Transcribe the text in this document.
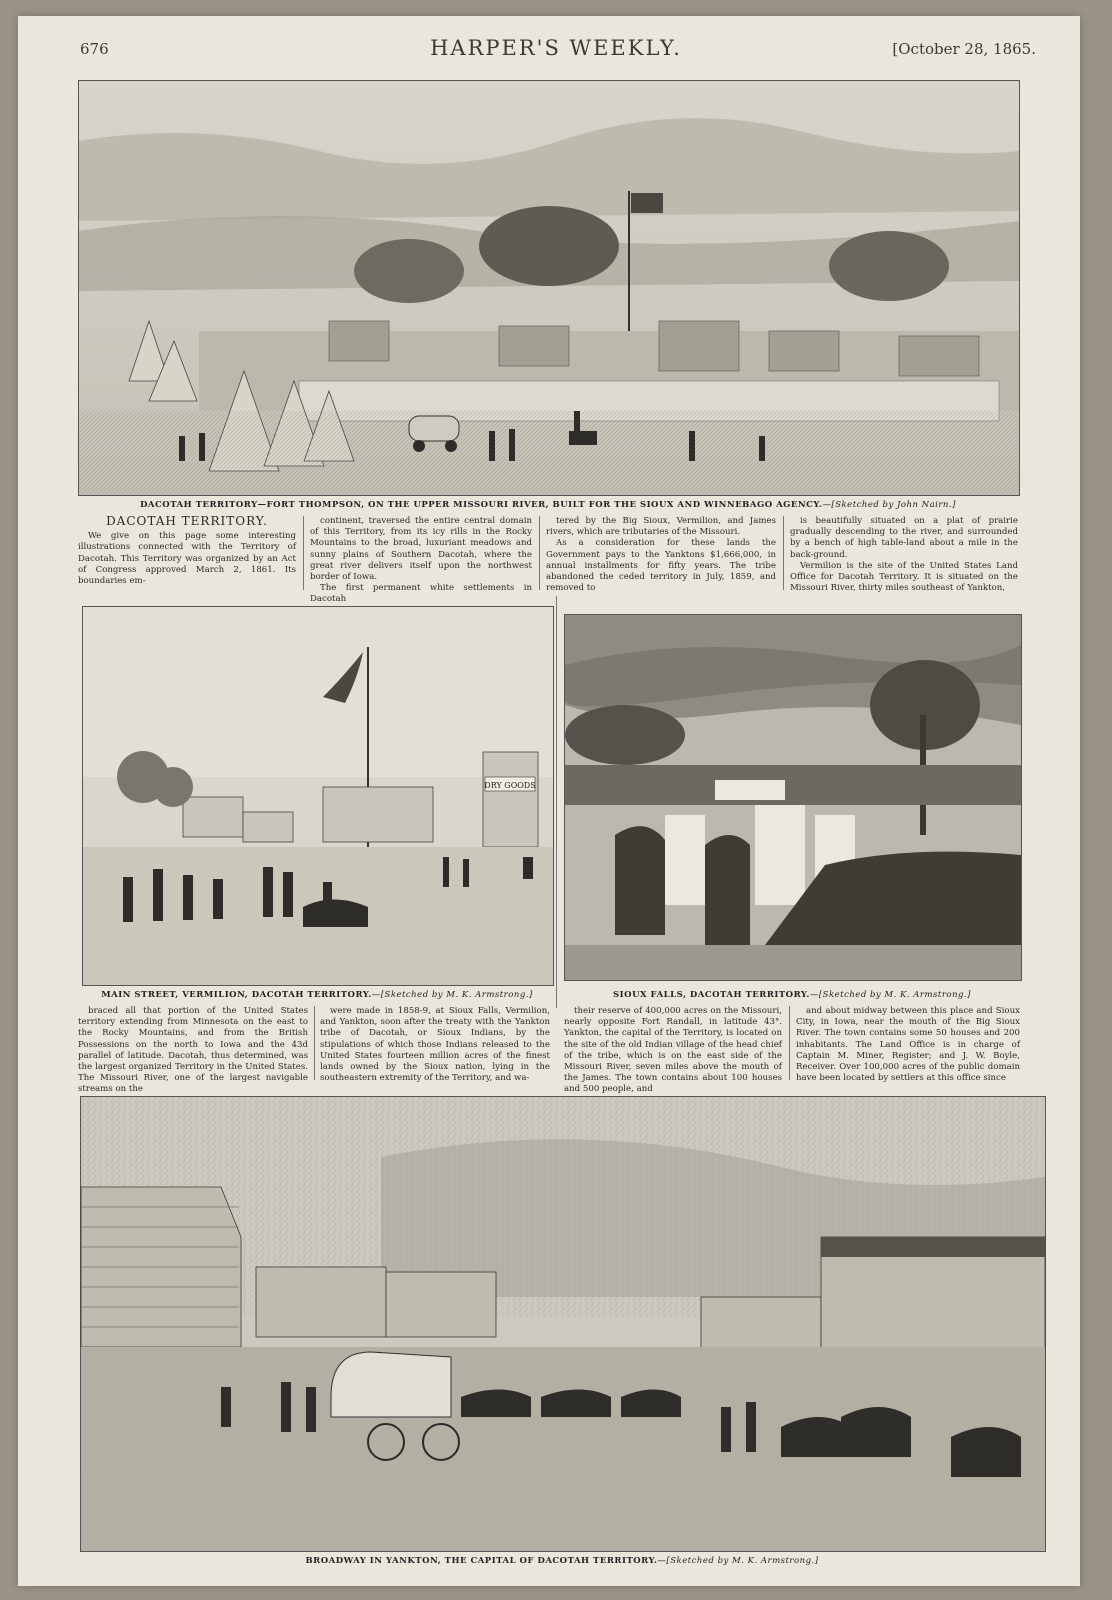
676	HARPER'S WEEKLY.	[October 28, 1865.
DACOTAH TERRITORY—FORT THOMPSON, ON THE UPPER MISSOURI RIVER, BUILT FOR THE SIOUX AND WINNEBAGO AGENCY.—[Sketched by John Nairn.]
DACOTAH TERRITORY.

We give on this page some interesting illustrations connected with the Territory of Dacotah. This Territory was organized by an Act of Congress approved March 2, 1861. Its boundaries em-

continent, traversed the entire central domain of this Territory, from its icy rills in the Rocky Mountains to the broad, luxuriant meadows and sunny plains of Southern Dacotah, where the great river delivers itself upon the northwest border of Iowa.

The first permanent white settlements in Dacotah

tered by the Big Sioux, Vermilion, and James rivers, which are tributaries of the Missouri.

As a consideration for these lands the Government pays to the Yanktons $1,666,000, in annual installments for fifty years. The tribe abandoned the ceded territory in July, 1859, and removed to

is beautifully situated on a plat of prairie gradually descending to the river, and surrounded by a bench of high table-land about a mile in the back-ground.

Vermilion is the site of the United States Land Office for Dacotah Territory. It is situated on the Missouri River, thirty miles southeast of Yankton,

DRY GOODS
MAIN STREET, VERMILION, DACOTAH TERRITORY.—[Sketched by M. K. Armstrong.]	SIOUX FALLS, DACOTAH TERRITORY.—[Sketched by M. K. Armstrong.]

braced all that portion of the United States territory extending from Minnesota on the east to the Rocky Mountains, and from the British Possessions on the north to Iowa and the 43d parallel of latitude. Dacotah, thus determined, was the largest organized Territory in the United States. The Missouri River, one of the largest navigable streams on the

were made in 1858-9, at Sioux Falls, Vermilion, and Yankton, soon after the treaty with the Yankton tribe of Dacotah, or Sioux Indians, by the stipulations of which those Indians released to the United States fourteen million acres of the finest lands owned by the Sioux nation, lying in the southeastern extremity of the Territory, and wa-

their reserve of 400,000 acres on the Missouri, nearly opposite Fort Randall, in latitude 43°. Yankton, the capital of the Territory, is located on the site of the old Indian village of the head chief of the tribe, which is on the east side of the Missouri River, seven miles above the mouth of the James. The town contains about 100 houses and 500 people, and

and about midway between this place and Sioux City, in Iowa, near the mouth of the Big Sioux River. The town contains some 50 houses and 200 inhabitants. The Land Office is in charge of Captain M. Miner, Register; and J. W. Boyle, Receiver. Over 100,000 acres of the public domain have been located by settlers at this office since

BROADWAY IN YANKTON, THE CAPITAL OF DACOTAH TERRITORY.—[Sketched by M. K. Armstrong.]
